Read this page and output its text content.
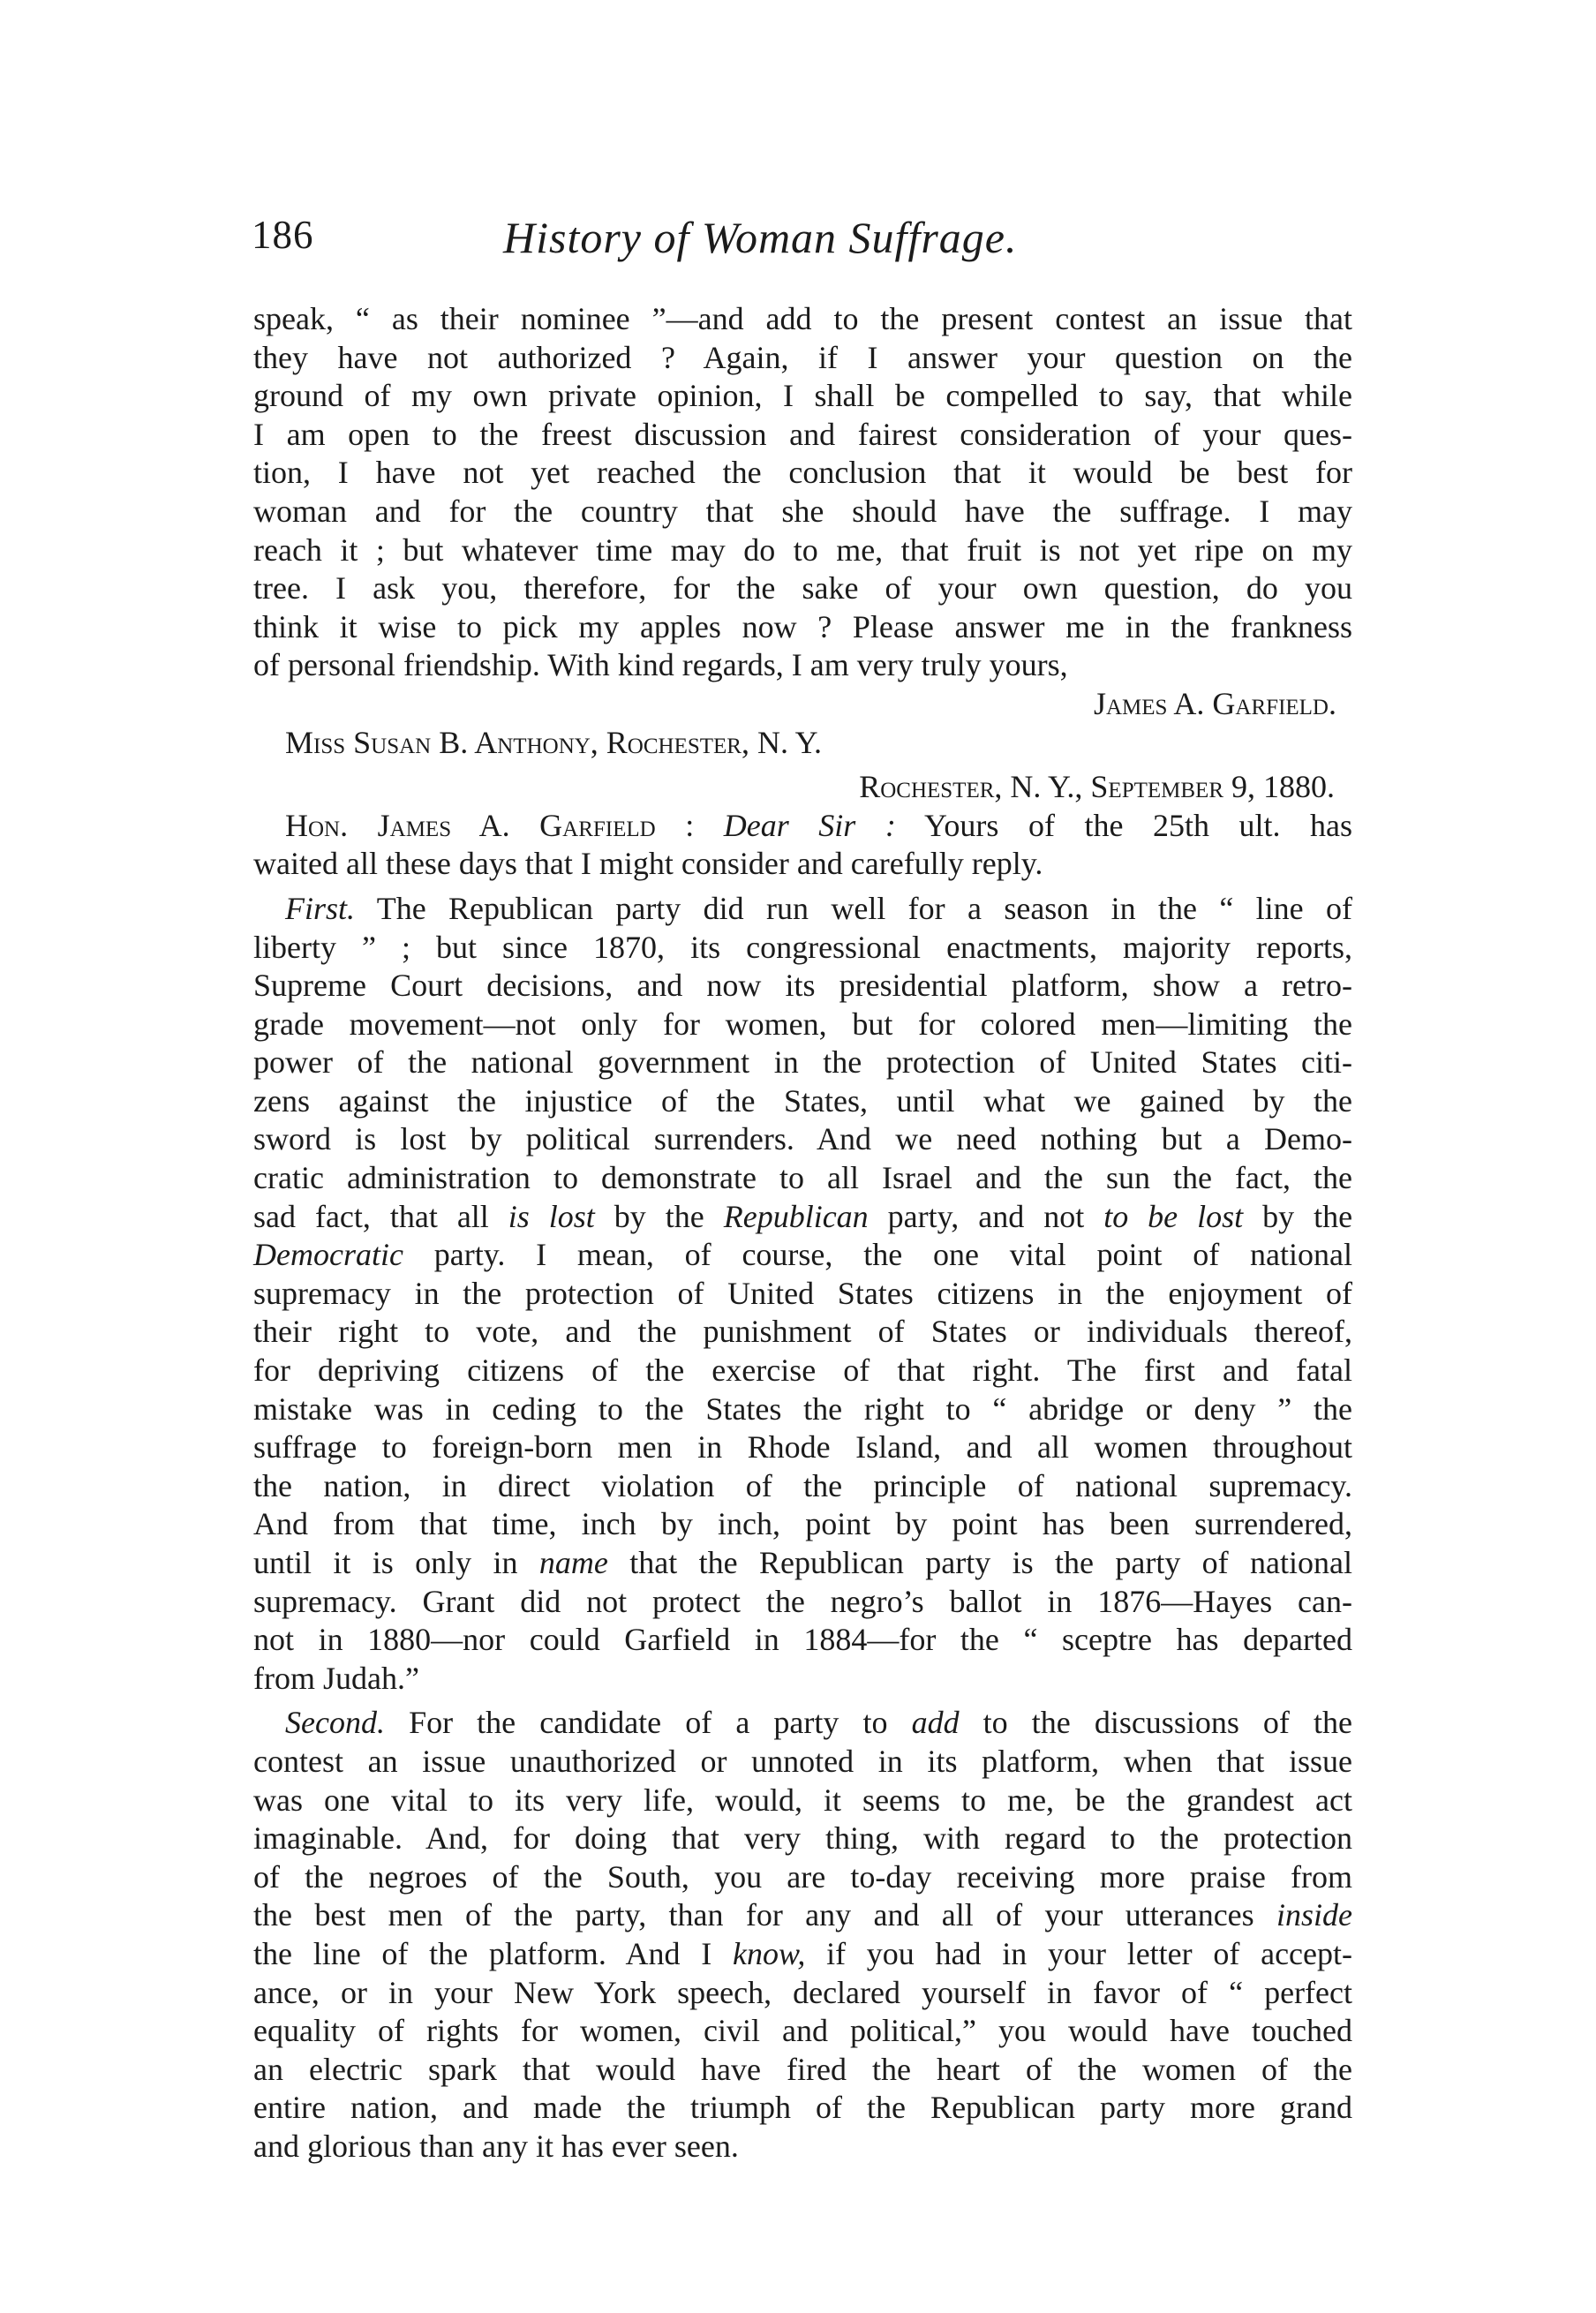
186	History of Woman Suffrage.
speak, “ as their nominee ”—and add to the present contest an issue that
they have not authorized ? Again, if I answer your question on the
ground of my own private opinion, I shall be compelled to say, that while
I am open to the freest discussion and fairest consideration of your ques-
tion, I have not yet reached the conclusion that it would be best for
woman and for the country that she should have the suffrage. I may
reach it ; but whatever time may do to me, that fruit is not yet ripe on my
tree. I ask you, therefore, for the sake of your own question, do you
think it wise to pick my apples now ? Please answer me in the frankness
of personal friendship. With kind regards, I am very truly yours,
James A. Garfield.
Miss Susan B. Anthony, Rochester, N. Y.
Rochester, N. Y., September 9, 1880.
Hon. James A. Garfield : Dear Sir : Yours of the 25th ult. has
waited all these days that I might consider and carefully reply.
First. The Republican party did run well for a season in the “ line of
liberty ” ; but since 1870, its congressional enactments, majority reports,
Supreme Court decisions, and now its presidential platform, show a retro-
grade movement—not only for women, but for colored men—limiting the
power of the national government in the protection of United States citi-
zens against the injustice of the States, until what we gained by the
sword is lost by political surrenders. And we need nothing but a Demo-
cratic administration to demonstrate to all Israel and the sun the fact, the
sad fact, that all is lost by the Republican party, and not to be lost by the
Democratic party. I mean, of course, the one vital point of national
supremacy in the protection of United States citizens in the enjoyment of
their right to vote, and the punishment of States or individuals thereof,
for depriving citizens of the exercise of that right. The first and fatal
mistake was in ceding to the States the right to “ abridge or deny ” the
suffrage to foreign-born men in Rhode Island, and all women throughout
the nation, in direct violation of the principle of national supremacy.
And from that time, inch by inch, point by point has been surrendered,
until it is only in name that the Republican party is the party of national
supremacy. Grant did not protect the negro’s ballot in 1876—Hayes can-
not in 1880—nor could Garfield in 1884—for the “ sceptre has departed
from Judah.”
Second. For the candidate of a party to add to the discussions of the
contest an issue unauthorized or unnoted in its platform, when that issue
was one vital to its very life, would, it seems to me, be the grandest act
imaginable. And, for doing that very thing, with regard to the protection
of the negroes of the South, you are to-day receiving more praise from
the best men of the party, than for any and all of your utterances inside
the line of the platform. And I know, if you had in your letter of accept-
ance, or in your New York speech, declared yourself in favor of “ perfect
equality of rights for women, civil and political,” you would have touched
an electric spark that would have fired the heart of the women of the
entire nation, and made the triumph of the Republican party more grand
and glorious than any it has ever seen.
